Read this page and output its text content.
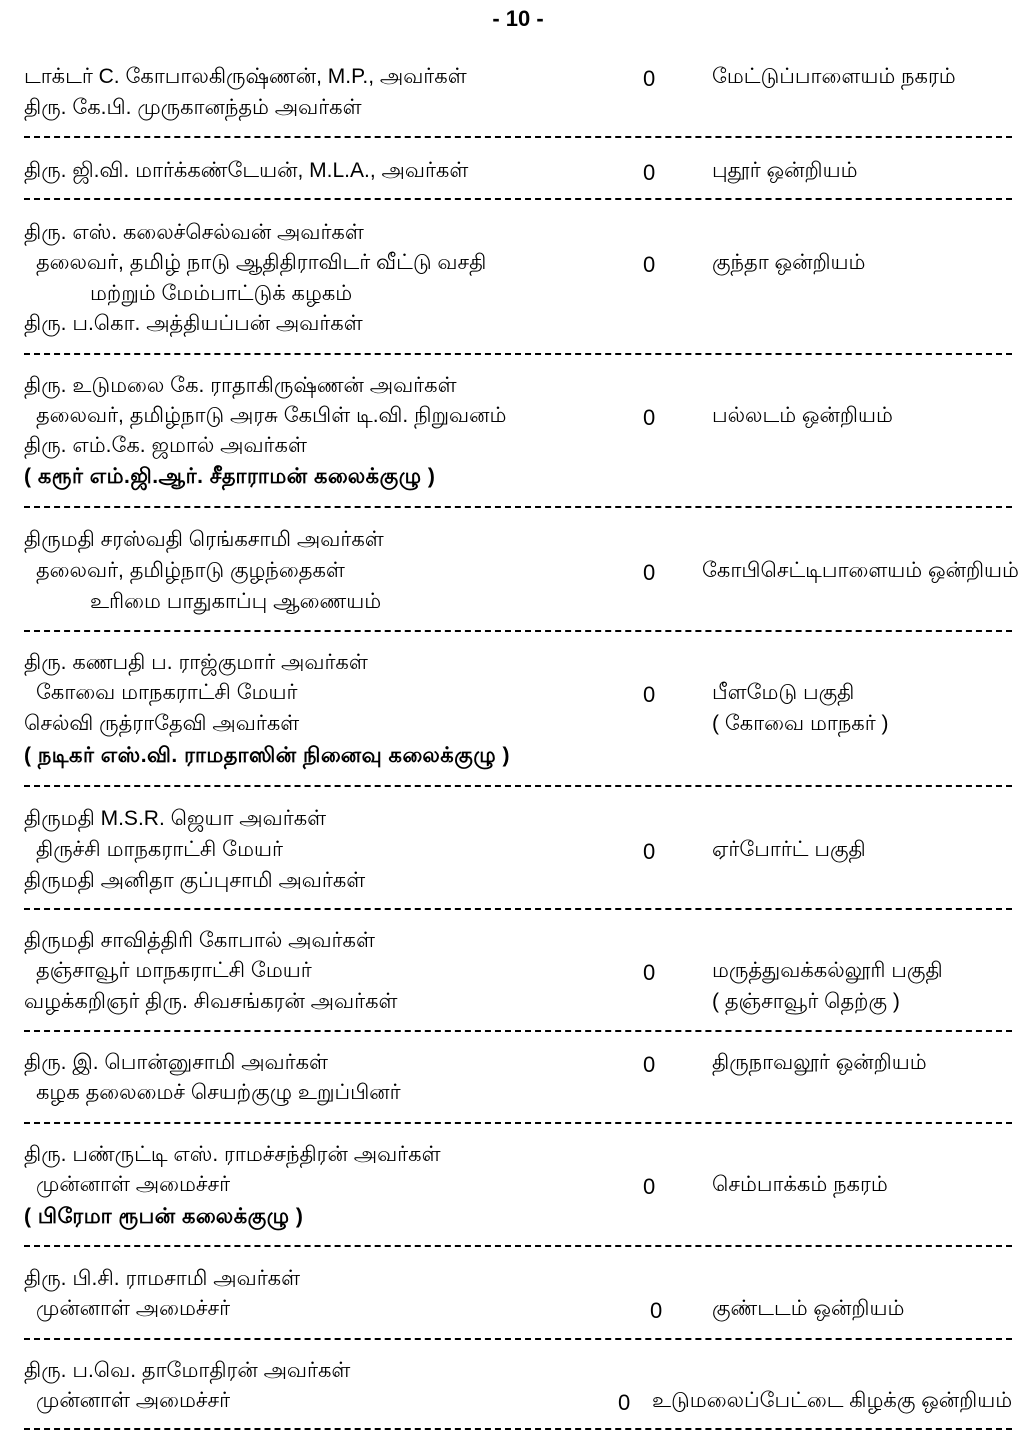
- 10 -
டாக்டர் C. கோபாலகிருஷ்ணன், M.P., அவர்கள்
திரு. கே.பி. முருகானந்தம் அவர்கள்
0	மேட்டுப்பாளையம் நகரம்
திரு. ஜி.வி. மார்க்கண்டேயன், M.L.A., அவர்கள்	0	புதூர் ஒன்றியம்
திரு. எஸ். கலைச்செல்வன் அவர்கள்
தலைவர், தமிழ் நாடு ஆதிதிராவிடர் வீட்டு வசதி
மற்றும் மேம்பாட்டுக் கழகம்
திரு. ப.கொ. அத்தியப்பன் அவர்கள்
0	குந்தா ஒன்றியம்
திரு. உடுமலை கே. ராதாகிருஷ்ணன் அவர்கள்
தலைவர், தமிழ்நாடு அரசு கேபிள் டி.வி. நிறுவனம்
திரு. எம்.கே. ஜமால் அவர்கள்
( கரூர் எம்.ஜி.ஆர். சீதாராமன் கலைக்குழு )
0	பல்லடம் ஒன்றியம்
திருமதி சரஸ்வதி ரெங்கசாமி அவர்கள்
தலைவர், தமிழ்நாடு குழந்தைகள்
உரிமை பாதுகாப்பு ஆணையம்
0 கோபிசெட்டிபாளையம் ஒன்றியம்
திரு. கணபதி ப. ராஜ்குமார் அவர்கள்
கோவை மாநகராட்சி மேயர்
செல்வி ருத்ராதேவி அவர்கள்
( நடிகர் எஸ்.வி. ராமதாஸின் நினைவு கலைக்குழு )
0	பீளமேடு பகுதி
( கோவை மாநகர் )
திருமதி M.S.R. ஜெயா அவர்கள்
திருச்சி மாநகராட்சி மேயர்
திருமதி அனிதா குப்புசாமி அவர்கள்
0	ஏர்போர்ட் பகுதி
திருமதி சாவித்திரி கோபால் அவர்கள்
தஞ்சாவூர் மாநகராட்சி மேயர்
வழக்கறிஞர் திரு. சிவசங்கரன் அவர்கள்
0	மருத்துவக்கல்லூரி பகுதி
( தஞ்சாவூர் தெற்கு )
திரு. இ. பொன்னுசாமி அவர்கள்
கழக தலைமைச் செயற்குழு உறுப்பினர்
0	திருநாவலூர் ஒன்றியம்
திரு. பண்ருட்டி எஸ். ராமச்சந்திரன் அவர்கள்
முன்னாள் அமைச்சர்
( பிரேமா ரூபன் கலைக்குழு )
0	செம்பாக்கம் நகரம்
திரு. பி.சி. ராமசாமி அவர்கள்
முன்னாள் அமைச்சர்	0 குண்டடம் ஒன்றியம்
திரு. ப.வெ. தாமோதிரன் அவர்கள்
முன்னாள் அமைச்சர்	0 உடுமலைப்பேட்டை கிழக்கு ஒன்றியம்
